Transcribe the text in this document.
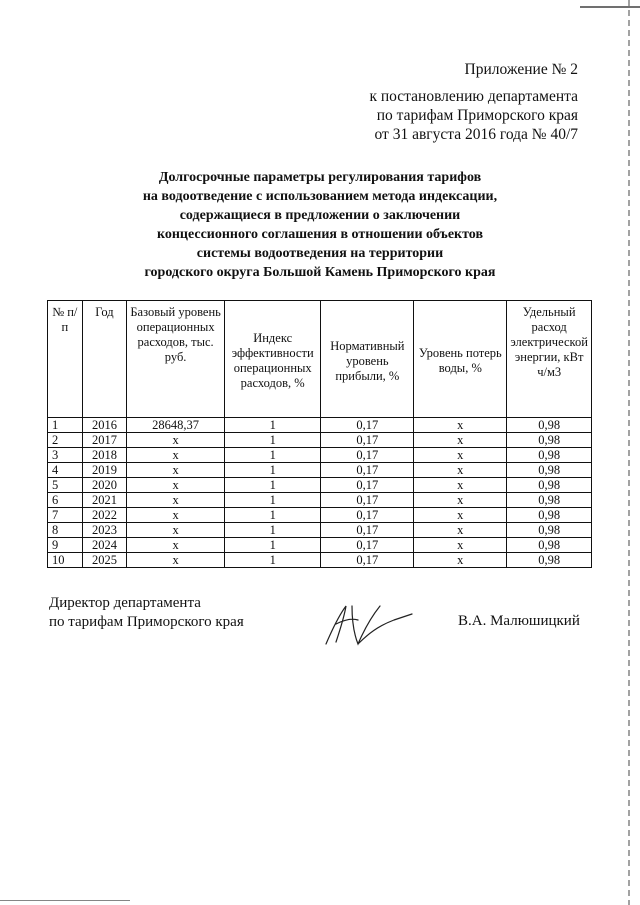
Приложение № 2
к постановлению департамента
по тарифам Приморского края
от 31 августа 2016 года № 40/7
Долгосрочные параметры регулирования тарифов
на водоотведение с использованием метода индексации,
содержащиеся в предложении о заключении
концессионного соглашения в отношении объектов
системы водоотведения на территории
городского округа Большой Камень Приморского края
№ п/п	Год	Базовый уровень операционных расходов, тыс. руб.	Индекс эффективности операционных расходов, %	Нормативный уровень прибыли, %	Уровень потерь воды, %	Удельный расход электрической энергии, кВт ч/м3
1	2016	28648,37	1	0,17	х	0,98
2	2017	х	1	0,17	х	0,98
3	2018	х	1	0,17	х	0,98
4	2019	х	1	0,17	х	0,98
5	2020	х	1	0,17	х	0,98
6	2021	х	1	0,17	х	0,98
7	2022	х	1	0,17	х	0,98
8	2023	х	1	0,17	х	0,98
9	2024	х	1	0,17	х	0,98
10	2025	х	1	0,17	х	0,98
Директор департамента
по тарифам Приморского края	В.А. Малюшицкий
